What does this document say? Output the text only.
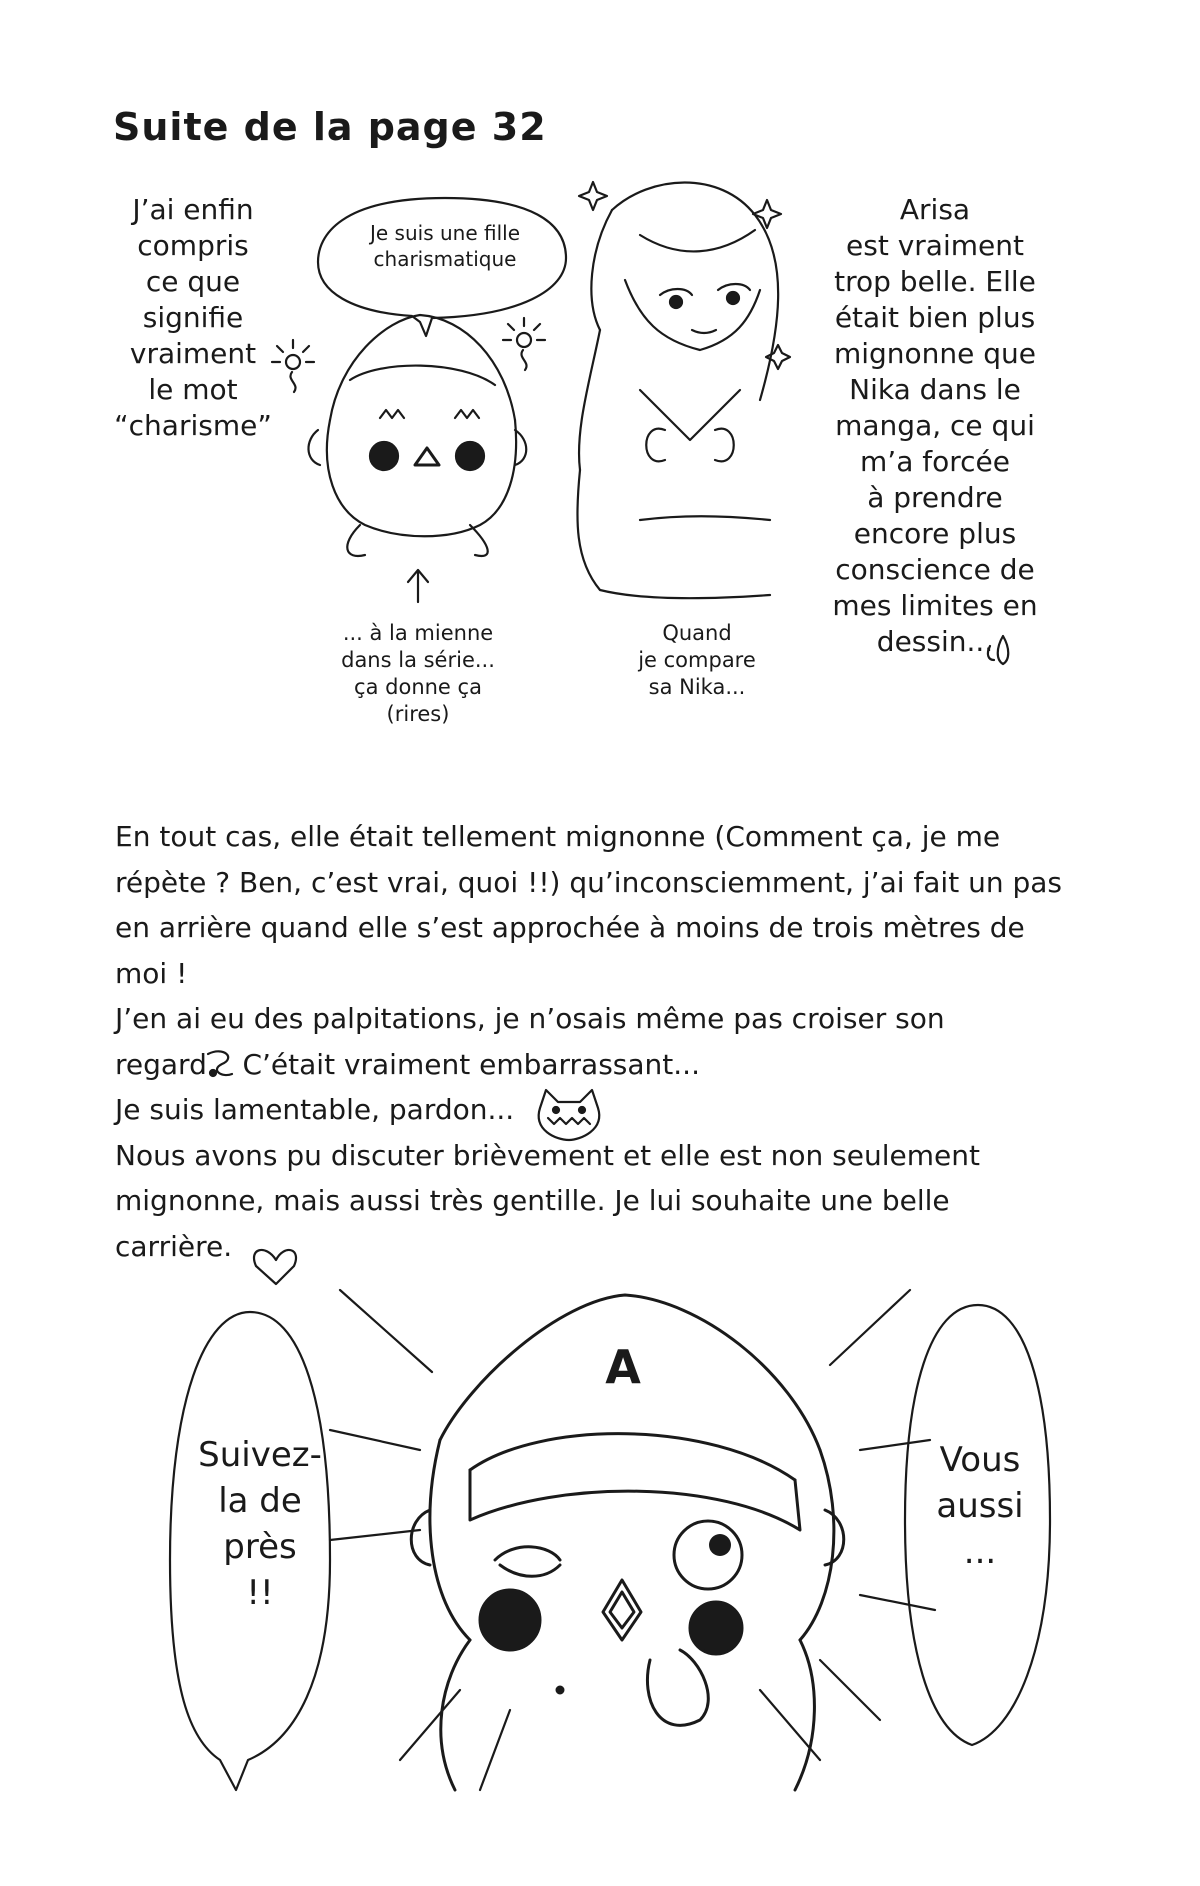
Suite de la page 32
J’ai enfin
compris
ce que
signifie
vraiment
le mot
“charisme”
Je suis une fille
charismatique
... à la mienne
dans la série...
ça donne ça
(rires)
Quand
je compare
sa Nika...
Arisa
est vraiment
trop belle. Elle
était bien plus
mignonne que
Nika dans le
manga, ce qui
m’a forcée
à prendre
encore plus
conscience de
mes limites en
dessin...

En tout cas, elle était tellement mignonne (Comment ça, je me répète ? Ben, c’est vrai, quoi !!) qu’inconsciemment, j’ai fait un pas en arrière quand elle s’est approchée à moins de trois mètres de moi !

J’en ai eu des palpitations, je n’osais même pas croiser son regard C’était vraiment embarrassant...

Je suis lamentable, pardon...

Nous avons pu discuter brièvement et elle est non seulement mignonne, mais aussi très gentille. Je lui souhaite une belle carrière.

A
Suivez-
la de
près
!!
Vous
aussi
...
